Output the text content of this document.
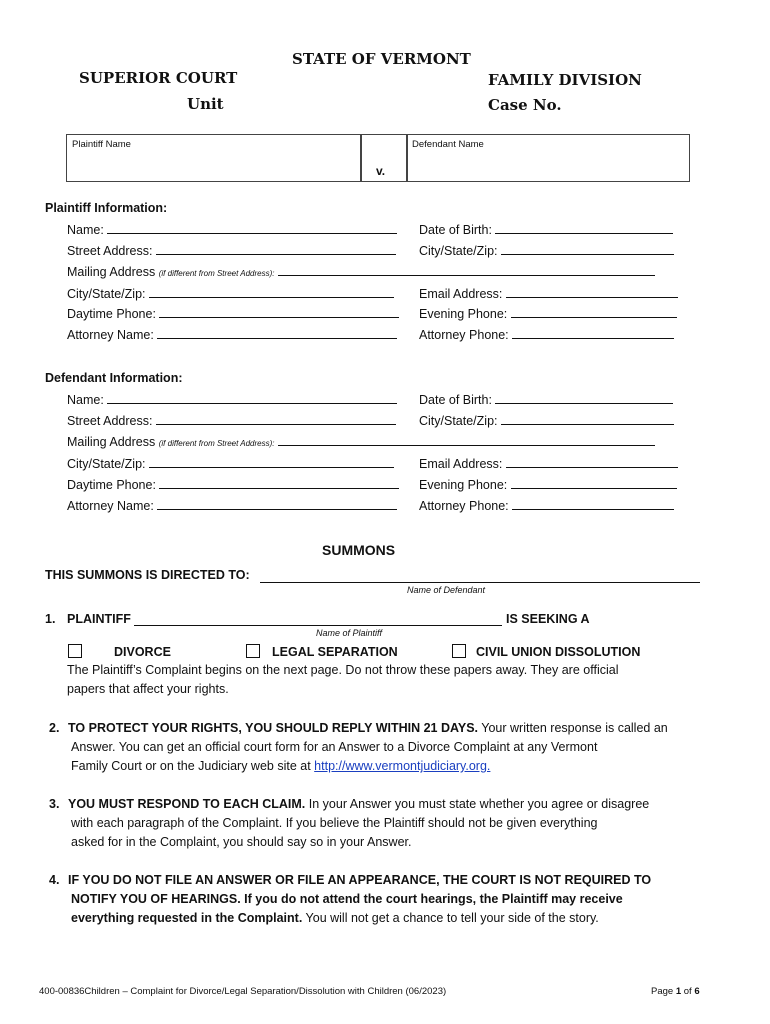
STATE OF VERMONT
SUPERIOR COURT
Unit
FAMILY DIVISION
Case No.
Plaintiff Name
v.
Defendant Name
Plaintiff Information:
Name:	Date of Birth:
Street Address:	City/State/Zip:
Mailing Address (if different from Street Address):
City/State/Zip:	Email Address:
Daytime Phone:	Evening Phone:
Attorney Name:	Attorney Phone:
Defendant Information:
Name:	Date of Birth:
Street Address:	City/State/Zip:
Mailing Address (if different from Street Address):
City/State/Zip:	Email Address:
Daytime Phone:	Evening Phone:
Attorney Name:	Attorney Phone:
SUMMONS
THIS SUMMONS IS DIRECTED TO:
Name of Defendant
1. PLAINTIFF	IS SEEKING A
Name of Plaintiff
DIVORCE	LEGAL SEPARATION	CIVIL UNION DISSOLUTION
The Plaintiff’s Complaint begins on the next page. Do not throw these papers away. They are official
papers that affect your rights.
2. TO PROTECT YOUR RIGHTS, YOU SHOULD REPLY WITHIN 21 DAYS. Your written response is called an
Answer. You can get an official court form for an Answer to a Divorce Complaint at any Vermont
Family Court or on the Judiciary web site at http://www.vermontjudiciary.org.
3. YOU MUST RESPOND TO EACH CLAIM. In your Answer you must state whether you agree or disagree
with each paragraph of the Complaint. If you believe the Plaintiff should not be given everything
asked for in the Complaint, you should say so in your Answer.
4. IF YOU DO NOT FILE AN ANSWER OR FILE AN APPEARANCE, THE COURT IS NOT REQUIRED TO
NOTIFY YOU OF HEARINGS. If you do not attend the court hearings, the Plaintiff may receive
everything requested in the Complaint. You will not get a chance to tell your side of the story.
400-00836Children – Complaint for Divorce/Legal Separation/Dissolution with Children (06/2023)	Page 1 of 6
